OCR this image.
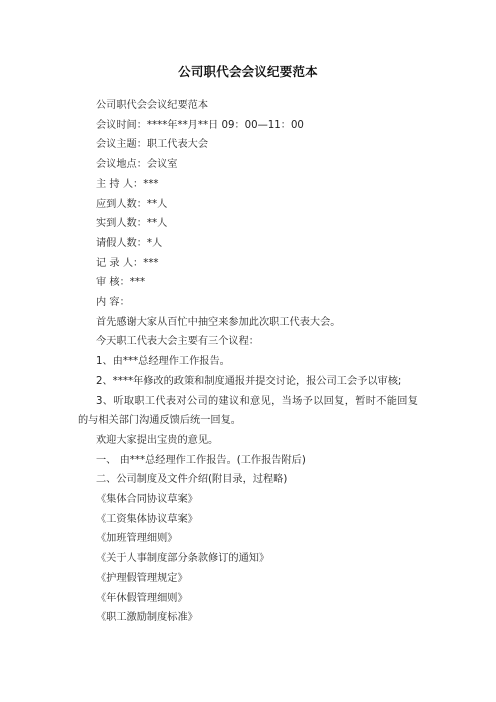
公司职代会会议纪要范本
公司职代会会议纪要范本
会议时间：****年**月**日 09：00—11：00
会议主题：职工代表大会
会议地点：会议室
主 持 人：***
应到人数：**人
实到人数：**人
请假人数：*人
记 录 人：***
审 核：***
内 容：
首先感谢大家从百忙中抽空来参加此次职工代表大会。
今天职工代表大会主要有三个议程：
1、由***总经理作工作报告。
2、****年修改的政策和制度通报并提交讨论，报公司工会予以审核;
3、听取职工代表对公司的建议和意见，当场予以回复，暂时不能回复的与相关部门沟通反馈后统一回复。
欢迎大家提出宝贵的意见。
一、 由***总经理作工作报告。(工作报告附后)
二、公司制度及文件介绍(附目录，过程略)
《集体合同协议草案》
《工资集体协议草案》
《加班管理细则》
《关于人事制度部分条款修订的通知》
《护理假管理规定》
《年休假管理细则》
《职工激励制度标准》
